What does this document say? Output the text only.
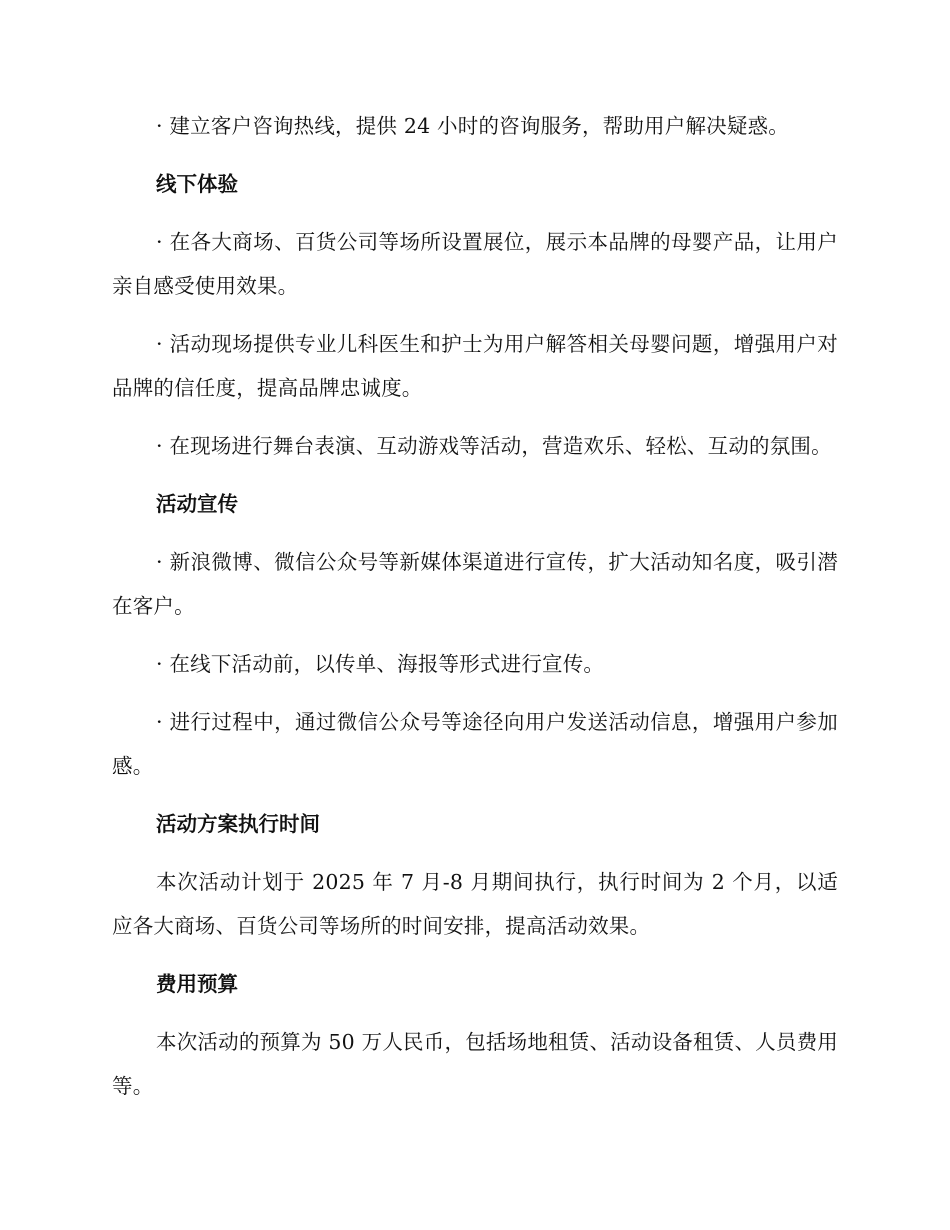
· 建立客户咨询热线，提供 24 小时的咨询服务，帮助用户解决疑惑。

线下体验

· 在各大商场、百货公司等场所设置展位，展示本品牌的母婴产品，让用户亲自感受使用效果。

· 活动现场提供专业儿科医生和护士为用户解答相关母婴问题，增强用户对品牌的信任度，提高品牌忠诚度。

· 在现场进行舞台表演、互动游戏等活动，营造欢乐、轻松、互动的氛围。

活动宣传

· 新浪微博、微信公众号等新媒体渠道进行宣传，扩大活动知名度，吸引潜在客户。

· 在线下活动前，以传单、海报等形式进行宣传。

· 进行过程中，通过微信公众号等途径向用户发送活动信息，增强用户参加感。

活动方案执行时间

本次活动计划于 2025 年 7 月-8 月期间执行，执行时间为 2 个月，以适应各大商场、百货公司等场所的时间安排，提高活动效果。

费用预算

本次活动的预算为 50 万人民币，包括场地租赁、活动设备租赁、人员费用等。
